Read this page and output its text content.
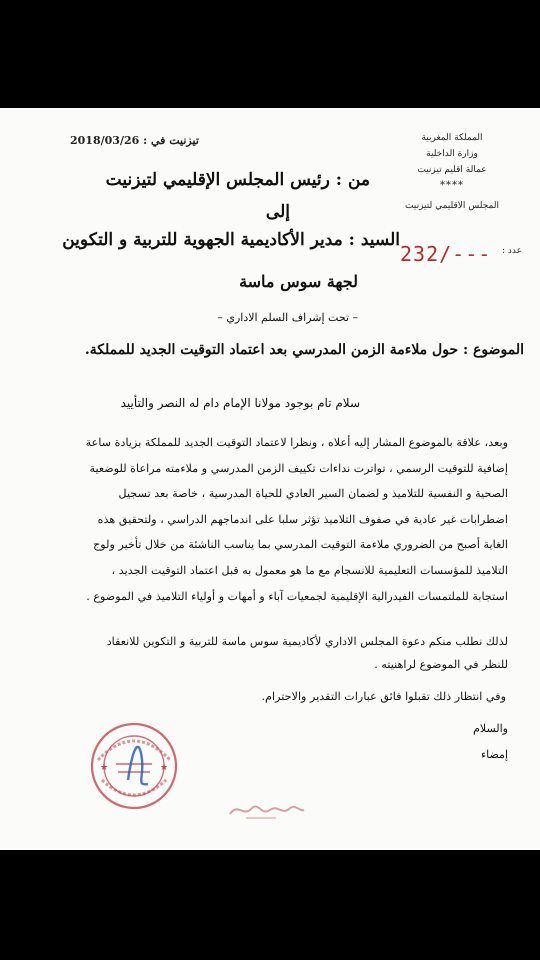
المملكة المغربية
وزارة الداخلية
عمالة اقليم تيزنيت
****
المجلس الاقليمي لتيزنيت
تيزنيت في : 2018/03/26
عدد :
232/---
من : رئيس المجلس الإقليمي لتيزنيت
إلى
السيد : مدير الأكاديمية الجهوية للتربية و التكوين
لجهة سوس ماسة
– تحت إشراف السلم الاداري –
الموضوع : حول ملاءمة الزمن المدرسي بعد اعتماد التوقيت الجديد للمملكة.
سلام تام بوجود مولانا الإمام دام له النصر والتأييد

وبعد، علاقة بالموضوع المشار إليه أعلاه ، ونظرا لاعتماد التوقيت الجديد للمملكة بزيادة ساعة

إضافية للتوقيت الرسمي ، تواترت نداءات تكييف الزمن المدرسي و ملاءمته مراعاة للوضعية

الصحية و النفسية للتلاميذ و لضمان السير العادي للحياة المدرسية ، خاصة بعد تسجيل

اضطرابات غير عادية في صفوف التلاميذ تؤثر سلبا على اندماجهم الدراسي ، ولتحقيق هذه

الغاية أصبح من الضروري ملاءمة التوقيت المدرسي بما يناسب الناشئة من خلال تأخير ولوج

التلاميذ للمؤسسات التعليمية للانسجام مع ما هو معمول به قبل اعتماد التوقيت الجديد ،

استجابة للملتمسات الفيدرالية الإقليمية لجمعيات آباء و أمهات و أولياء التلاميذ في الموضوع .

لذلك نطلب منكم دعوة المجلس الاداري لأكاديمية سوس ماسة للتربية و التكوين للانعقاد

للنظر في الموضوع لراهنيته .

وفي انتظار ذلك تقبلوا فائق عبارات التقدير والاحترام.
والسلام
إمضاء
★	★
